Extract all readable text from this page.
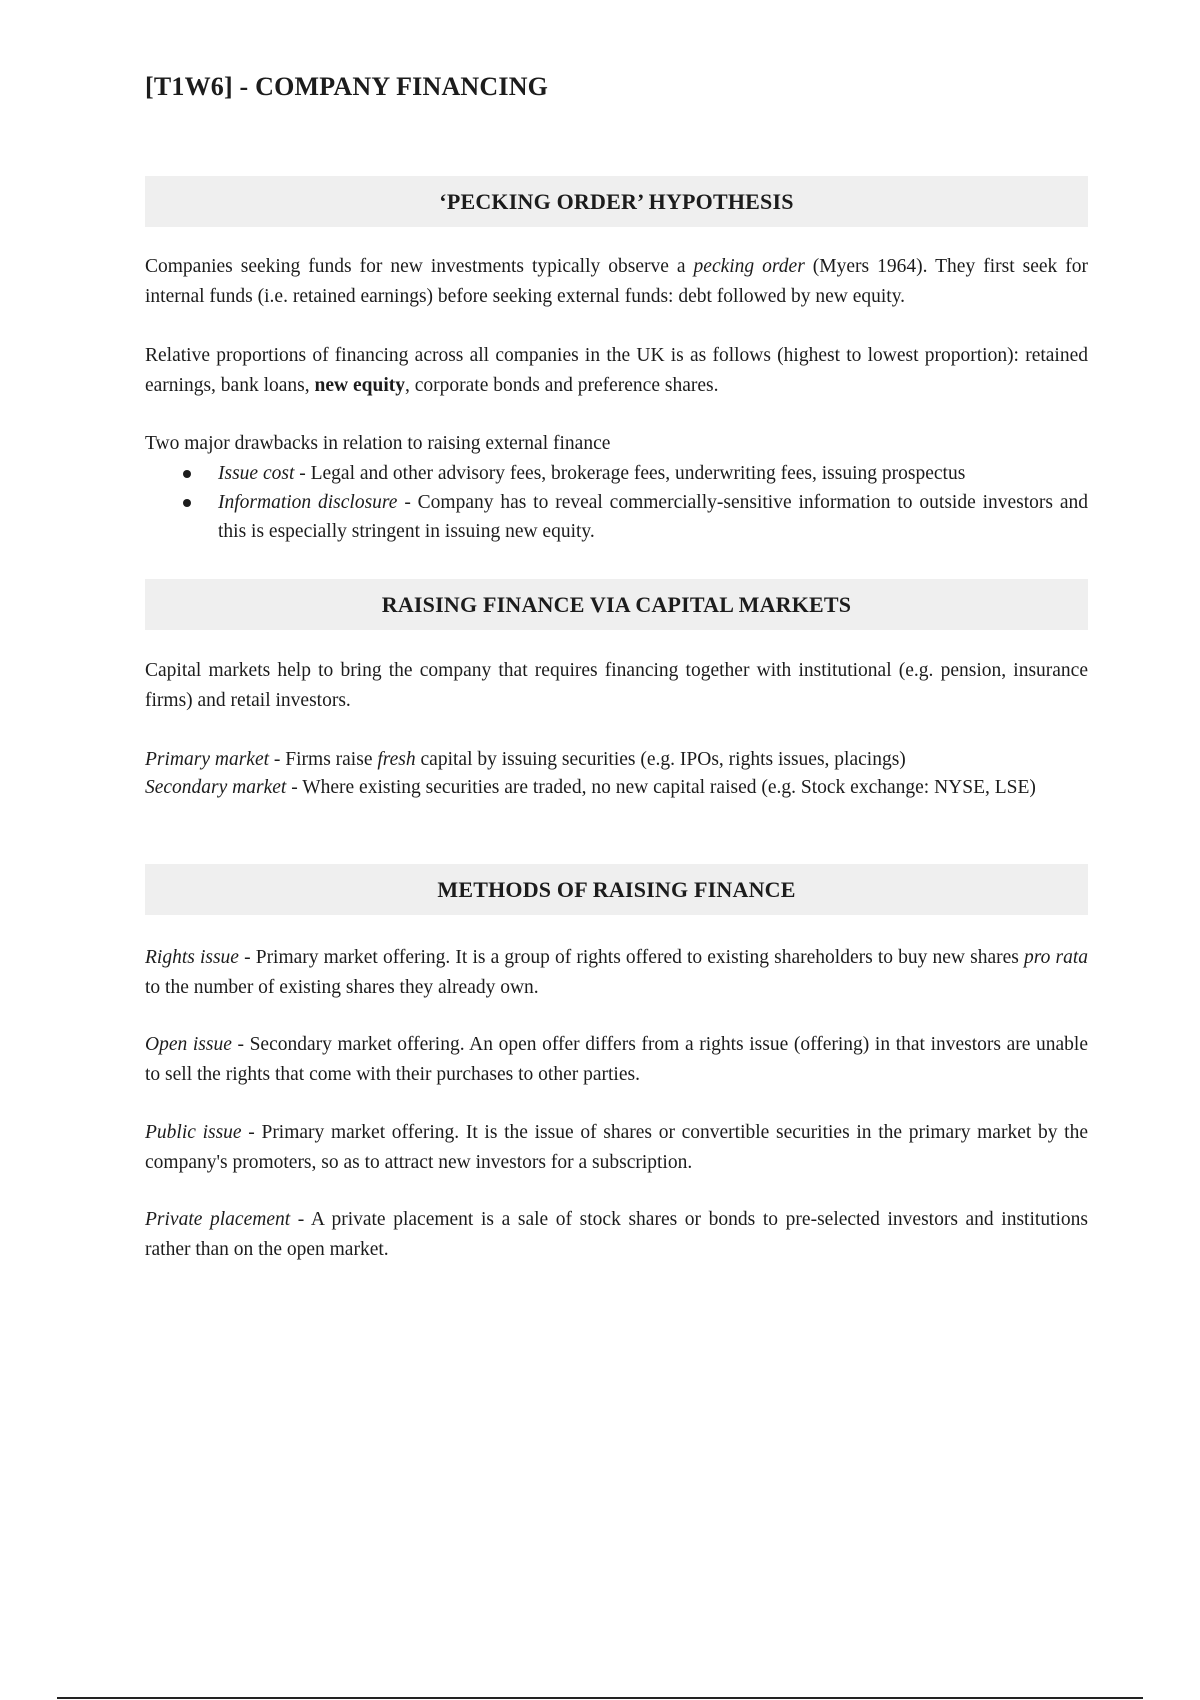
[T1W6] - COMPANY FINANCING
‘PECKING ORDER’ HYPOTHESIS

Companies seeking funds for new investments typically observe a pecking order (Myers 1964). They first seek for internal funds (i.e. retained earnings) before seeking external funds: debt followed by new equity.

Relative proportions of financing across all companies in the UK is as follows (highest to lowest proportion): retained earnings, bank loans, new equity, corporate bonds and preference shares.

Two major drawbacks in relation to raising external finance

Issue cost - Legal and other advisory fees, brokerage fees, underwriting fees, issuing prospectus
Information disclosure - Company has to reveal commercially-sensitive information to outside investors and this is especially stringent in issuing new equity.
RAISING FINANCE VIA CAPITAL MARKETS

Capital markets help to bring the company that requires financing together with institutional (e.g. pension, insurance firms) and retail investors.

Primary market - Firms raise fresh capital by issuing securities (e.g. IPOs, rights issues, placings)

Secondary market - Where existing securities are traded, no new capital raised (e.g. Stock exchange: NYSE, LSE)

METHODS OF RAISING FINANCE

Rights issue - Primary market offering. It is a group of rights offered to existing shareholders to buy new shares pro rata to the number of existing shares they already own.

Open issue - Secondary market offering. An open offer differs from a rights issue (offering) in that investors are unable to sell the rights that come with their purchases to other parties.

Public issue - Primary market offering. It is the issue of shares or convertible securities in the primary market by the company's promoters, so as to attract new investors for a subscription.

Private placement - A private placement is a sale of stock shares or bonds to pre-selected investors and institutions rather than on the open market.
